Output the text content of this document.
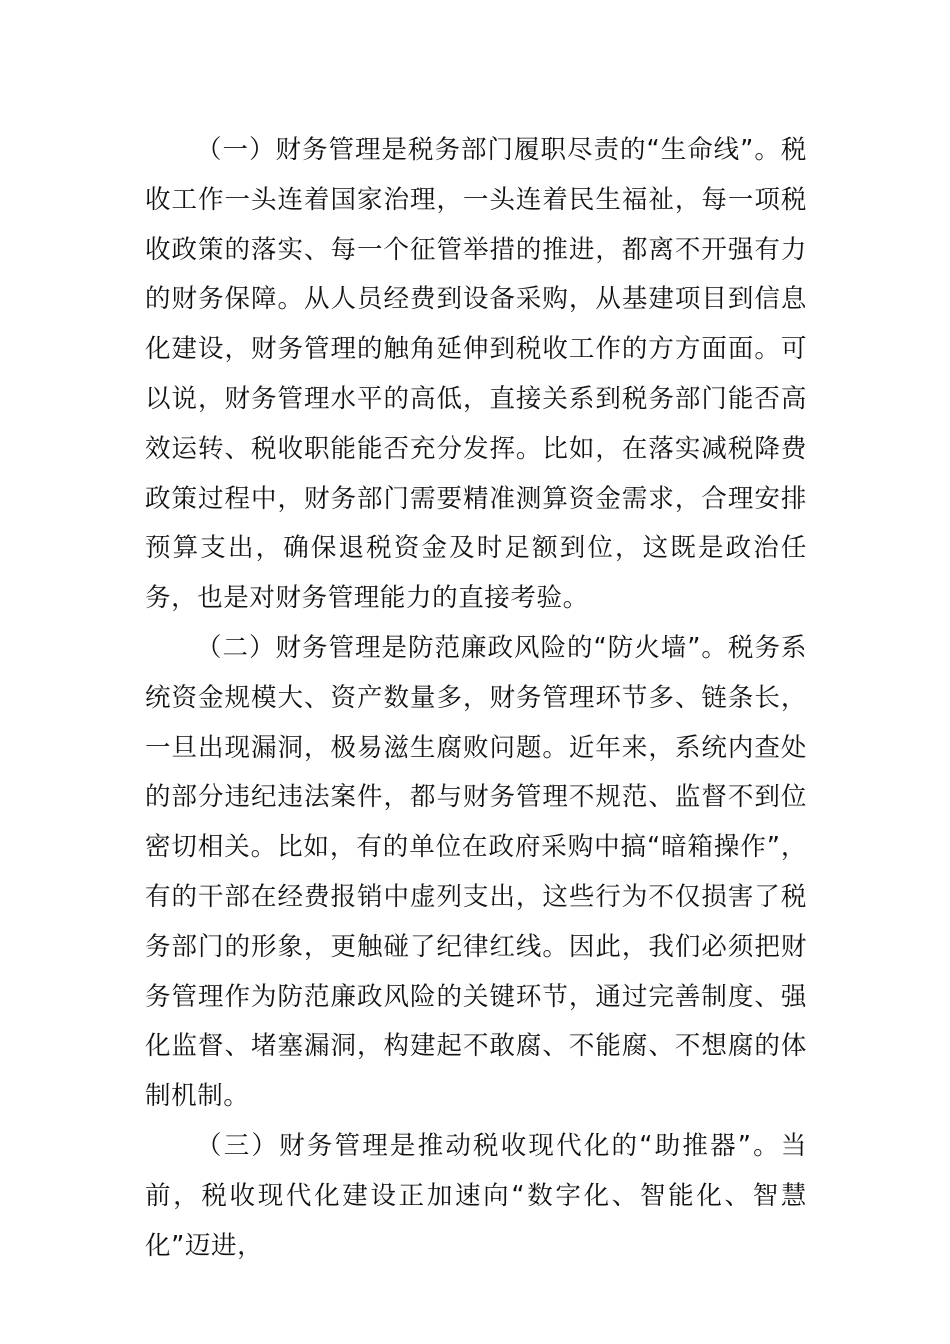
（一）财务管理是税务部门履职尽责的“生命线”。税收工作一头连着国家治理，一头连着民生福祉，每一项税收政策的落实、每一个征管举措的推进，都离不开强有力的财务保障。从人员经费到设备采购，从基建项目到信息化建设，财务管理的触角延伸到税收工作的方方面面。可以说，财务管理水平的高低，直接关系到税务部门能否高效运转、税收职能能否充分发挥。比如，在落实减税降费政策过程中，财务部门需要精准测算资金需求，合理安排预算支出，确保退税资金及时足额到位，这既是政治任务，也是对财务管理能力的直接考验。

（二）财务管理是防范廉政风险的“防火墙”。税务系统资金规模大、资产数量多，财务管理环节多、链条长，一旦出现漏洞，极易滋生腐败问题。近年来，系统内查处的部分违纪违法案件，都与财务管理不规范、监督不到位密切相关。比如，有的单位在政府采购中搞“暗箱操作”，有的干部在经费报销中虚列支出，这些行为不仅损害了税务部门的形象，更触碰了纪律红线。因此，我们必须把财务管理作为防范廉政风险的关键环节，通过完善制度、强化监督、堵塞漏洞，构建起不敢腐、不能腐、不想腐的体制机制。

（三）财务管理是推动税收现代化的“助推器”。当前，税收现代化建设正加速向“数字化、智能化、智慧化”迈进，
